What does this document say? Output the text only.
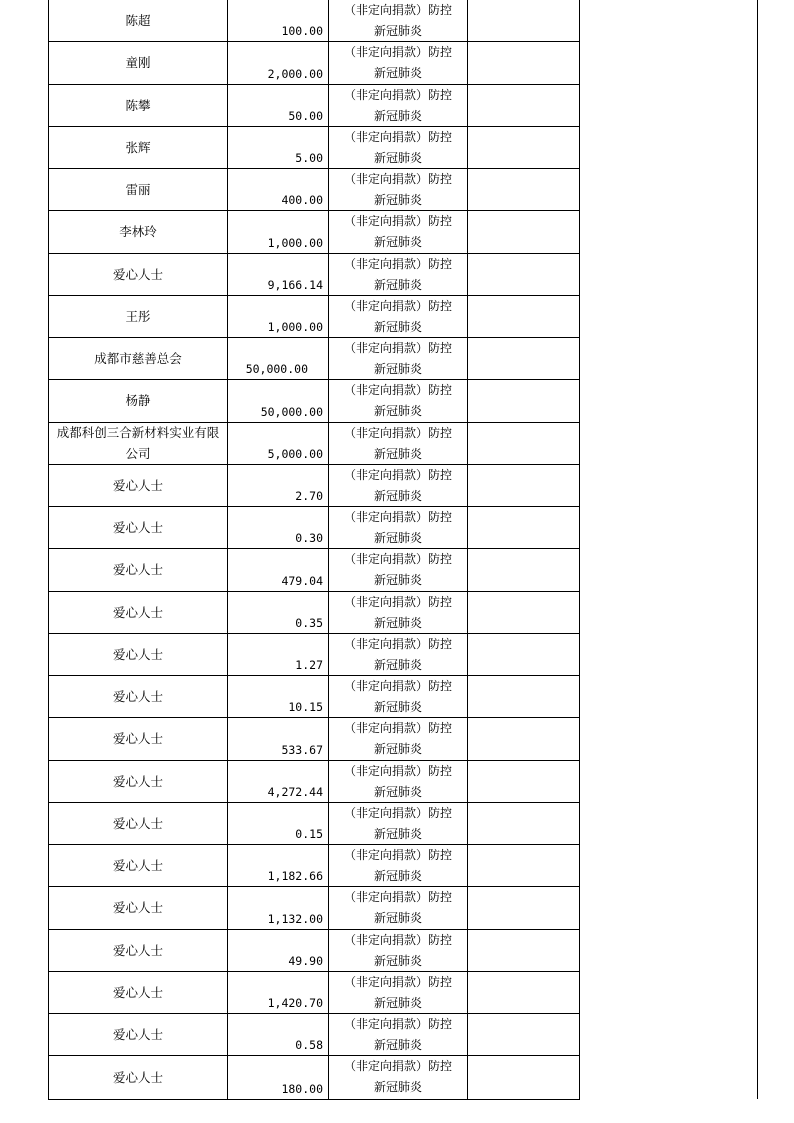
陈超
100.00
（非定向捐款）防控
新冠肺炎
童刚
2,000.00
（非定向捐款）防控
新冠肺炎
陈攀
50.00
（非定向捐款）防控
新冠肺炎
张辉
5.00
（非定向捐款）防控
新冠肺炎
雷丽
400.00
（非定向捐款）防控
新冠肺炎
李林玲
1,000.00
（非定向捐款）防控
新冠肺炎
爱心人士
9,166.14
（非定向捐款）防控
新冠肺炎
王彤
1,000.00
（非定向捐款）防控
新冠肺炎
成都市慈善总会
50,000.00
（非定向捐款）防控
新冠肺炎
杨静
50,000.00
（非定向捐款）防控
新冠肺炎
成都科创三合新材料实业有限公司	5,000.00
（非定向捐款）防控
新冠肺炎
爱心人士
2.70
（非定向捐款）防控
新冠肺炎
爱心人士
0.30
（非定向捐款）防控
新冠肺炎
爱心人士
479.04
（非定向捐款）防控
新冠肺炎
爱心人士
0.35
（非定向捐款）防控
新冠肺炎
爱心人士
1.27
（非定向捐款）防控
新冠肺炎
爱心人士
10.15
（非定向捐款）防控
新冠肺炎
爱心人士
533.67
（非定向捐款）防控
新冠肺炎
爱心人士
4,272.44
（非定向捐款）防控
新冠肺炎
爱心人士
0.15
（非定向捐款）防控
新冠肺炎
爱心人士
1,182.66
（非定向捐款）防控
新冠肺炎
爱心人士
1,132.00
（非定向捐款）防控
新冠肺炎
爱心人士
49.90
（非定向捐款）防控
新冠肺炎
爱心人士
1,420.70
（非定向捐款）防控
新冠肺炎
爱心人士
0.58
（非定向捐款）防控
新冠肺炎
爱心人士
180.00
（非定向捐款）防控
新冠肺炎
